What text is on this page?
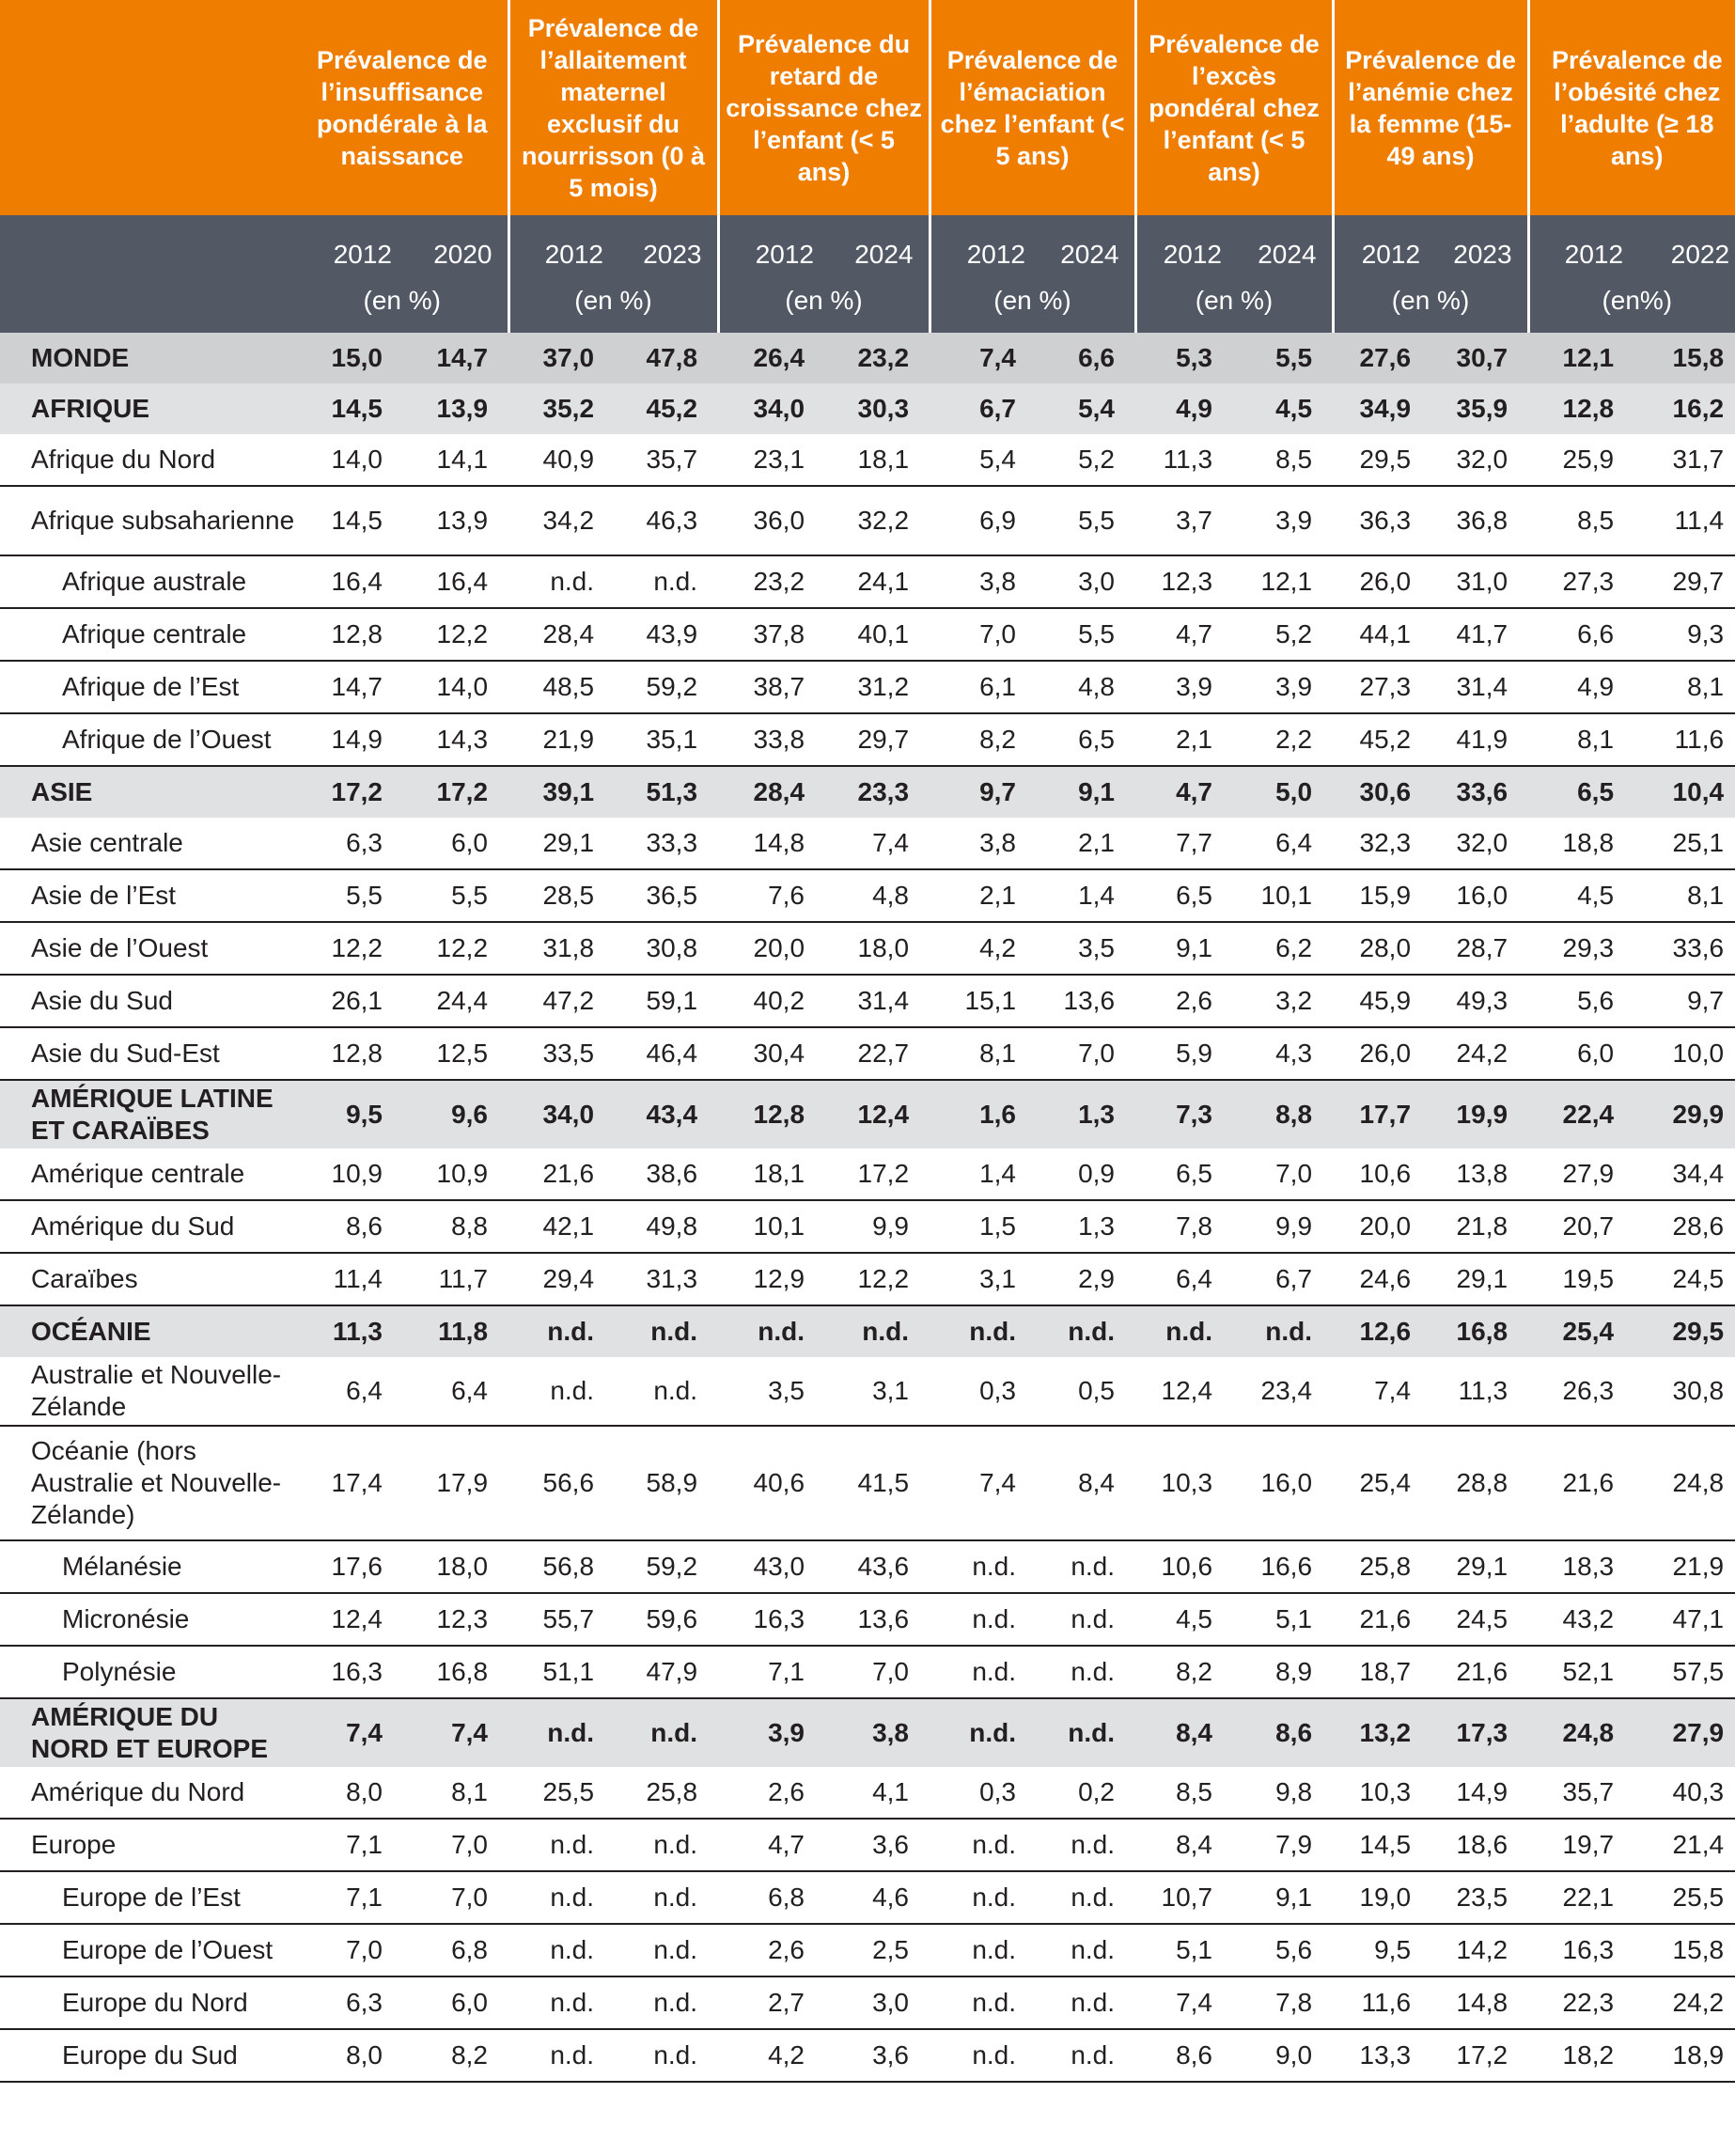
	Prévalence de l’insuffisance pondérale à la naissance		Prévalence de l’allaitement maternel exclusif du nourrisson (0 à 5 mois)		Prévalence du retard de croissance chez l’enfant (< 5 ans)		Prévalence de l’émaciation chez l’enfant (< 5 ans)		Prévalence de l’excès pondéral chez l’enfant (< 5 ans)		Prévalence de l’anémie chez la femme (15-49 ans)		Prévalence de l’obésité chez l’adulte (≥ 18 ans)	
	2012	2020	2012	2023	2012	2024	2012	2024	2012	2024	2012	2023	2012	2022
	(en %)		(en %)		(en %)		(en %)		(en %)		(en %)		(en%)	
MONDE	15,0	14,7	37,0	47,8	26,4	23,2	7,4	6,6	5,3	5,5	27,6	30,7	12,1	15,8
AFRIQUE	14,5	13,9	35,2	45,2	34,0	30,3	6,7	5,4	4,9	4,5	34,9	35,9	12,8	16,2
Afrique du Nord	14,0	14,1	40,9	35,7	23,1	18,1	5,4	5,2	11,3	8,5	29,5	32,0	25,9	31,7
Afrique subsaharienne	14,5	13,9	34,2	46,3	36,0	32,2	6,9	5,5	3,7	3,9	36,3	36,8	8,5	11,4
Afrique australe	16,4	16,4	n.d.	n.d.	23,2	24,1	3,8	3,0	12,3	12,1	26,0	31,0	27,3	29,7
Afrique centrale	12,8	12,2	28,4	43,9	37,8	40,1	7,0	5,5	4,7	5,2	44,1	41,7	6,6	9,3
Afrique de l’Est	14,7	14,0	48,5	59,2	38,7	31,2	6,1	4,8	3,9	3,9	27,3	31,4	4,9	8,1
Afrique de l’Ouest	14,9	14,3	21,9	35,1	33,8	29,7	8,2	6,5	2,1	2,2	45,2	41,9	8,1	11,6
ASIE	17,2	17,2	39,1	51,3	28,4	23,3	9,7	9,1	4,7	5,0	30,6	33,6	6,5	10,4
Asie centrale	6,3	6,0	29,1	33,3	14,8	7,4	3,8	2,1	7,7	6,4	32,3	32,0	18,8	25,1
Asie de l’Est	5,5	5,5	28,5	36,5	7,6	4,8	2,1	1,4	6,5	10,1	15,9	16,0	4,5	8,1
Asie de l’Ouest	12,2	12,2	31,8	30,8	20,0	18,0	4,2	3,5	9,1	6,2	28,0	28,7	29,3	33,6
Asie du Sud	26,1	24,4	47,2	59,1	40,2	31,4	15,1	13,6	2,6	3,2	45,9	49,3	5,6	9,7
Asie du Sud-Est	12,8	12,5	33,5	46,4	30,4	22,7	8,1	7,0	5,9	4,3	26,0	24,2	6,0	10,0
AMÉRIQUE LATINE ET CARAÏBES	9,5	9,6	34,0	43,4	12,8	12,4	1,6	1,3	7,3	8,8	17,7	19,9	22,4	29,9
Amérique centrale	10,9	10,9	21,6	38,6	18,1	17,2	1,4	0,9	6,5	7,0	10,6	13,8	27,9	34,4
Amérique du Sud	8,6	8,8	42,1	49,8	10,1	9,9	1,5	1,3	7,8	9,9	20,0	21,8	20,7	28,6
Caraïbes	11,4	11,7	29,4	31,3	12,9	12,2	3,1	2,9	6,4	6,7	24,6	29,1	19,5	24,5
OCÉANIE	11,3	11,8	n.d.	n.d.	n.d.	n.d.	n.d.	n.d.	n.d.	n.d.	12,6	16,8	25,4	29,5
Australie et Nouvelle-Zélande	6,4	6,4	n.d.	n.d.	3,5	3,1	0,3	0,5	12,4	23,4	7,4	11,3	26,3	30,8
Océanie (hors Australie et Nouvelle-Zélande)	17,4	17,9	56,6	58,9	40,6	41,5	7,4	8,4	10,3	16,0	25,4	28,8	21,6	24,8
Mélanésie	17,6	18,0	56,8	59,2	43,0	43,6	n.d.	n.d.	10,6	16,6	25,8	29,1	18,3	21,9
Micronésie	12,4	12,3	55,7	59,6	16,3	13,6	n.d.	n.d.	4,5	5,1	21,6	24,5	43,2	47,1
Polynésie	16,3	16,8	51,1	47,9	7,1	7,0	n.d.	n.d.	8,2	8,9	18,7	21,6	52,1	57,5
AMÉRIQUE DU NORD ET EUROPE	7,4	7,4	n.d.	n.d.	3,9	3,8	n.d.	n.d.	8,4	8,6	13,2	17,3	24,8	27,9
Amérique du Nord	8,0	8,1	25,5	25,8	2,6	4,1	0,3	0,2	8,5	9,8	10,3	14,9	35,7	40,3
Europe	7,1	7,0	n.d.	n.d.	4,7	3,6	n.d.	n.d.	8,4	7,9	14,5	18,6	19,7	21,4
Europe de l’Est	7,1	7,0	n.d.	n.d.	6,8	4,6	n.d.	n.d.	10,7	9,1	19,0	23,5	22,1	25,5
Europe de l’Ouest	7,0	6,8	n.d.	n.d.	2,6	2,5	n.d.	n.d.	5,1	5,6	9,5	14,2	16,3	15,8
Europe du Nord	6,3	6,0	n.d.	n.d.	2,7	3,0	n.d.	n.d.	7,4	7,8	11,6	14,8	22,3	24,2
Europe du Sud	8,0	8,2	n.d.	n.d.	4,2	3,6	n.d.	n.d.	8,6	9,0	13,3	17,2	18,2	18,9
